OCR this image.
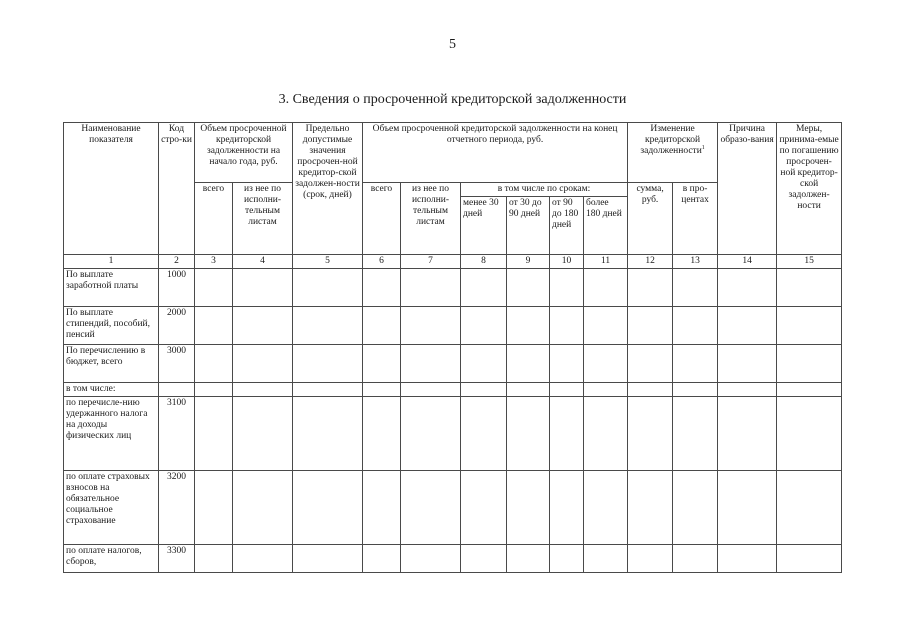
5
3. Сведения о просроченной кредиторской задолженности
Наименование показателя	Код стро-ки	Объем просроченной кредиторской задолженности на начало года, руб.		Предельно допустимые значения просрочен-ной кредитор-ской задолжен-ности (срок, дней)	Объем просроченной кредиторской задолженности на конец отчетного периода, руб.						Изменение кредиторской задолженности$^1$		Причина образо-вания	Меры, принима-емые по погашению просрочен-ной кредитор-ской задолжен-ности
		всего	из нее по исполни-тельным листам		всего	из нее по исполни-тельным листам	в том числе по срокам:				сумма, руб.	в про-центах		
							менее 30 дней	от 30 до 90 дней	от 90 до 180 дней	более 180 дней				
1	2	3	4	5	6	7	8	9	10	11	12	13	14	15
По выплате заработной платы	1000													
По выплате стипендий, пособий, пенсий	2000													
По перечислению в бюджет, всего	3000													
в том числе:														
по перечисле-нию удержанного налога на доходы физических лиц	3100													
по оплате страховых взносов на обязательное социальное страхование	3200													
по оплате налогов, сборов,	3300													
